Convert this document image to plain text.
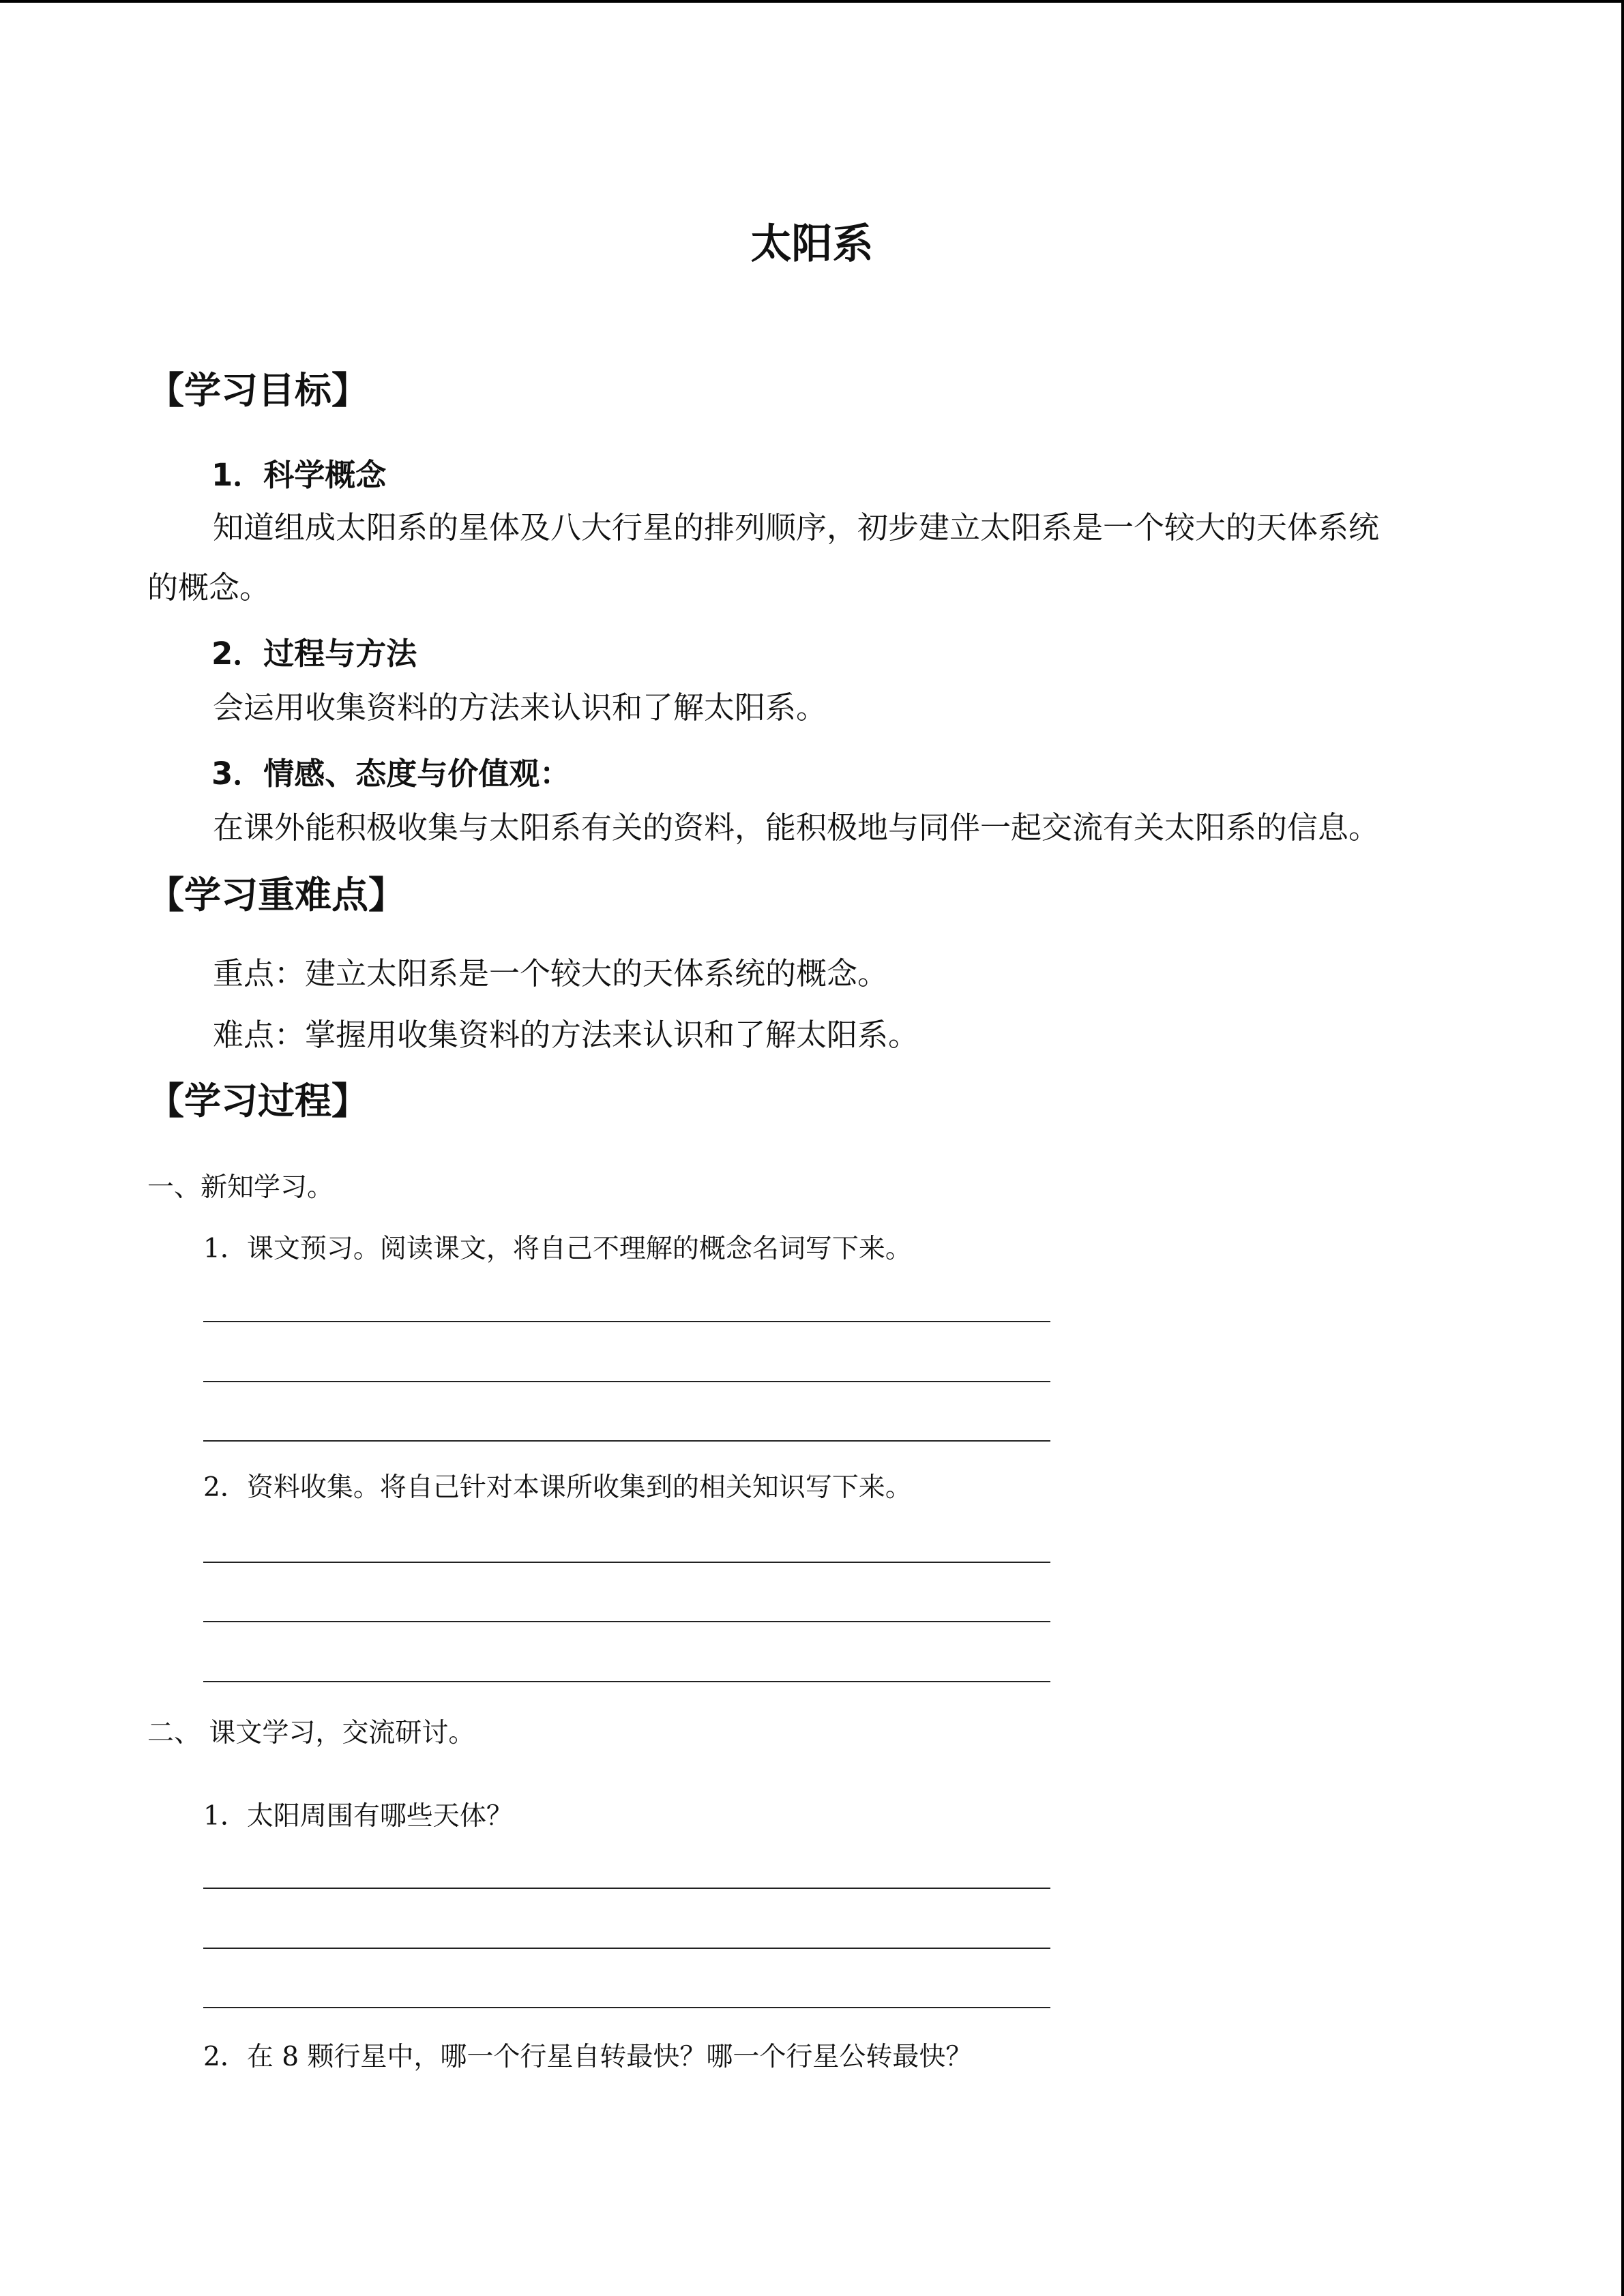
太阳系
【学习目标】
1．科学概念
知道组成太阳系的星体及八大行星的排列顺序，初步建立太阳系是一个较大的天体系统
的概念。
2．过程与方法
会运用收集资料的方法来认识和了解太阳系。
3．情感、态度与价值观：
在课外能积极收集与太阳系有关的资料，能积极地与同伴一起交流有关太阳系的信息。
【学习重难点】
重点：建立太阳系是一个较大的天体系统的概念。
难点：掌握用收集资料的方法来认识和了解太阳系。
【学习过程】
一、新知学习。
1．课文预习。阅读课文，将自己不理解的概念名词写下来。
2．资料收集。将自己针对本课所收集到的相关知识写下来。
二、 课文学习，交流研讨。
1．太阳周围有哪些天体？
2．在 8 颗行星中，哪一个行星自转最快？哪一个行星公转最快？
